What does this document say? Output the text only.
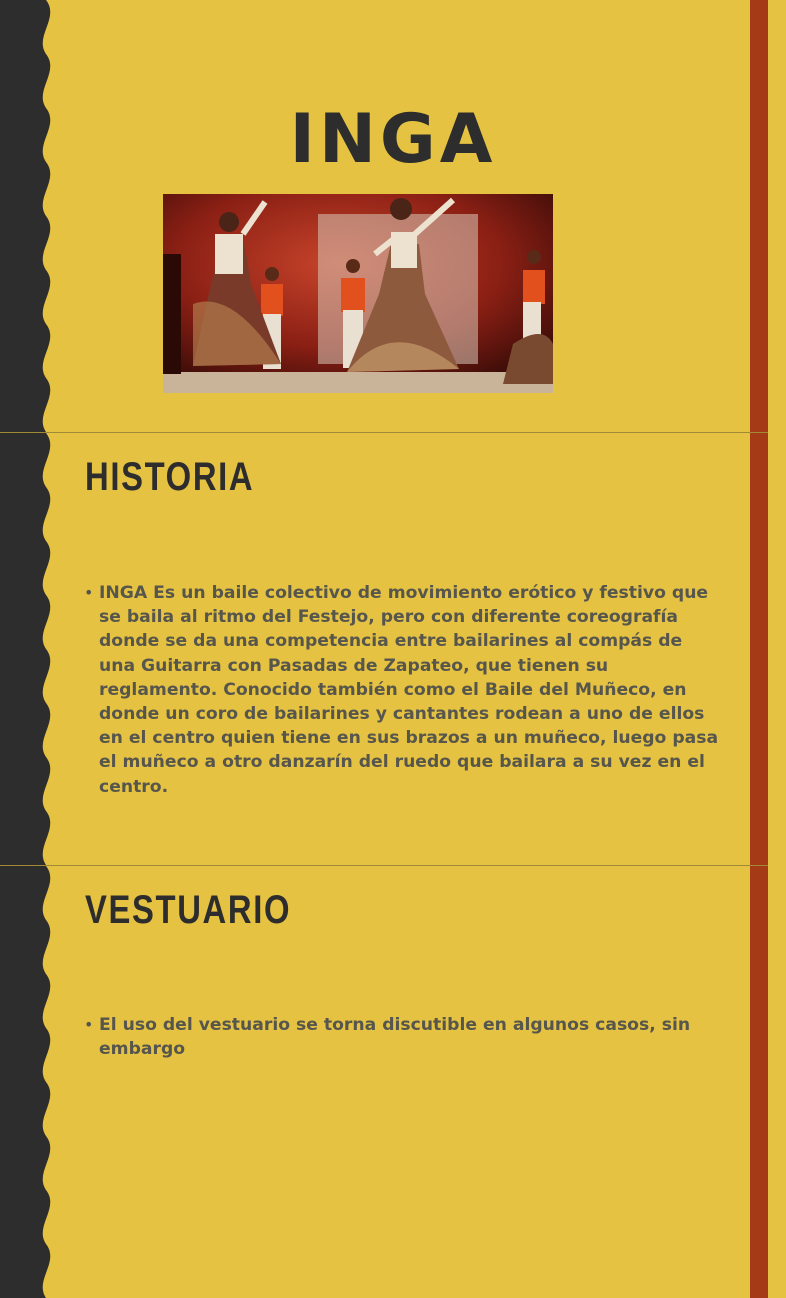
INGA
HISTORIA
• INGA Es un baile colectivo de movimiento erótico y festivo que se baila al ritmo del Festejo, pero con diferente coreografía donde se da una competencia entre bailarines al compás de una Guitarra con Pasadas de Zapateo, que tienen su reglamento. Conocido también como el Baile del Muñeco, en donde un coro de bailarines y cantantes rodean a uno de ellos en el centro quien tiene en sus brazos a un muñeco, luego pasa el muñeco a otro danzarín del ruedo que bailara a su vez en el centro.

VESTUARIO
• El uso del vestuario se torna discutible en algunos casos, sin embargo
